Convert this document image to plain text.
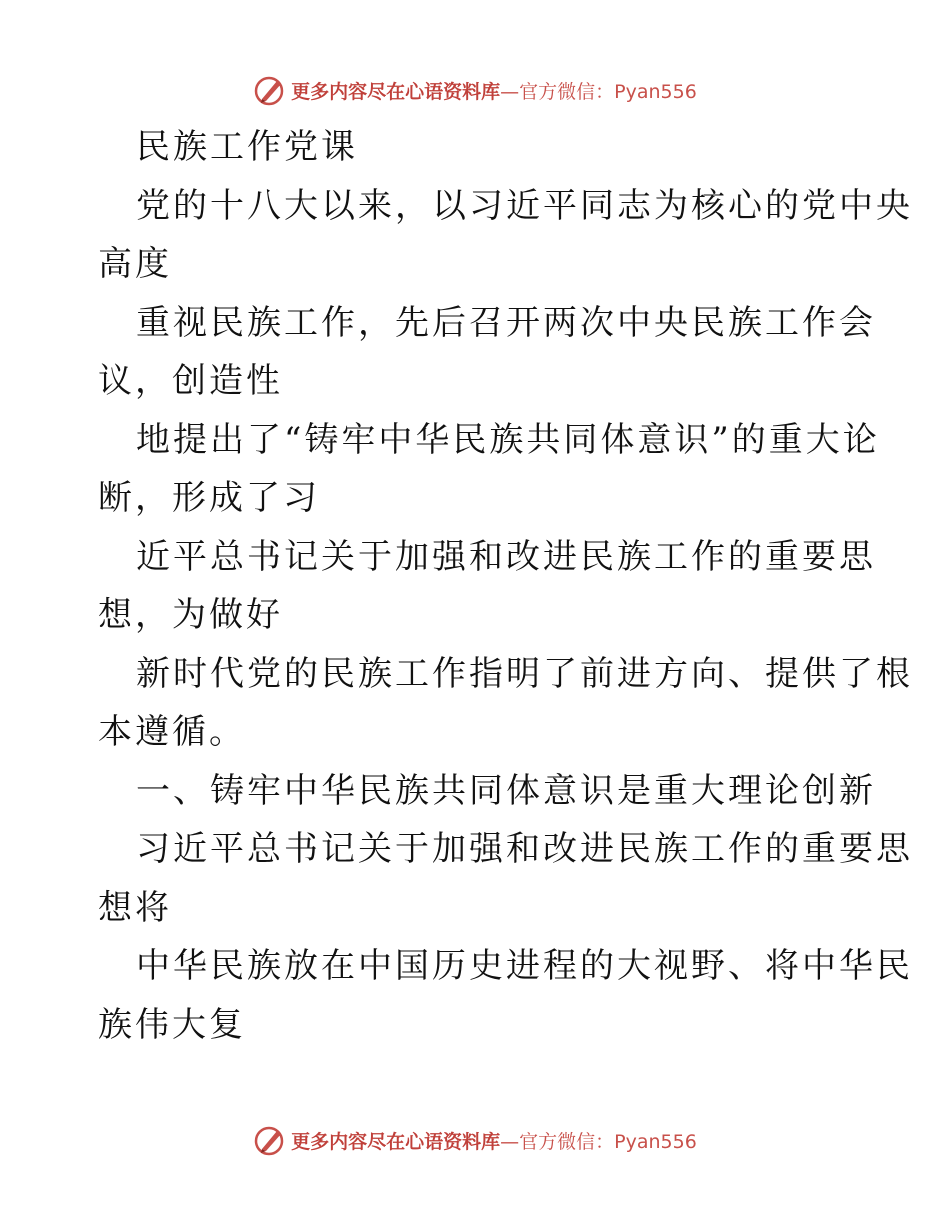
更多内容尽在心语资料库—官方微信：Pyan556
民族工作党课
党的十八大以来，以习近平同志为核心的党中央
高度
重视民族工作，先后召开两次中央民族工作会
议，创造性
地提出了“铸牢中华民族共同体意识”的重大论
断，形成了习
近平总书记关于加强和改进民族工作的重要思
想，为做好
新时代党的民族工作指明了前进方向、提供了根
本遵循。
一、铸牢中华民族共同体意识是重大理论创新
习近平总书记关于加强和改进民族工作的重要思
想将
中华民族放在中国历史进程的大视野、将中华民
族伟大复
更多内容尽在心语资料库—官方微信：Pyan556
